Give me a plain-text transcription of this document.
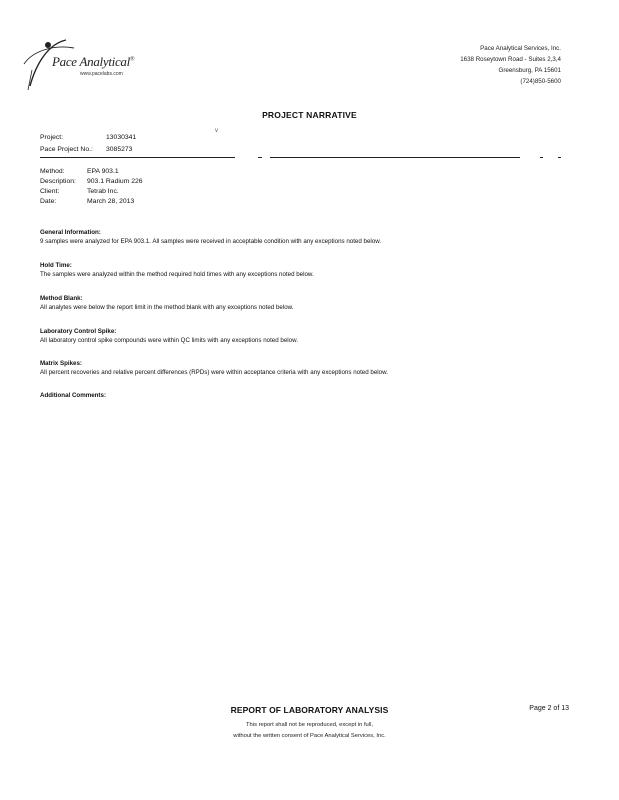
Pace Analytical®
www.pacelabs.com
Pace Analytical Services, Inc.
1638 Roseytown Road - Suites 2,3,4
Greensburg, PA 15601
(724)850-5600
PROJECT NARRATIVE
v
Project:	13030341
Pace Project No.: 3085273
Method:	EPA 903.1
Description: 903.1 Radium 226
Client:	Tetrab Inc.
Date:	March 28, 2013
General Information:
9 samples were analyzed for EPA 903.1. All samples were received in acceptable condition with any exceptions noted below.
Hold Time:
The samples were analyzed within the method required hold times with any exceptions noted below.
Method Blank:
All analytes were below the report limit in the method blank with any exceptions noted below.
Laboratory Control Spike:
All laboratory control spike compounds were within QC limits with any exceptions noted below.
Matrix Spikes:
All percent recoveries and relative percent differences (RPDs) were within acceptance criteria with any exceptions noted below.
Additional Comments:
REPORT OF LABORATORY ANALYSIS	Page 2 of 13
This report shall not be reproduced, except in full,
without the written consent of Pace Analytical Services, Inc.
